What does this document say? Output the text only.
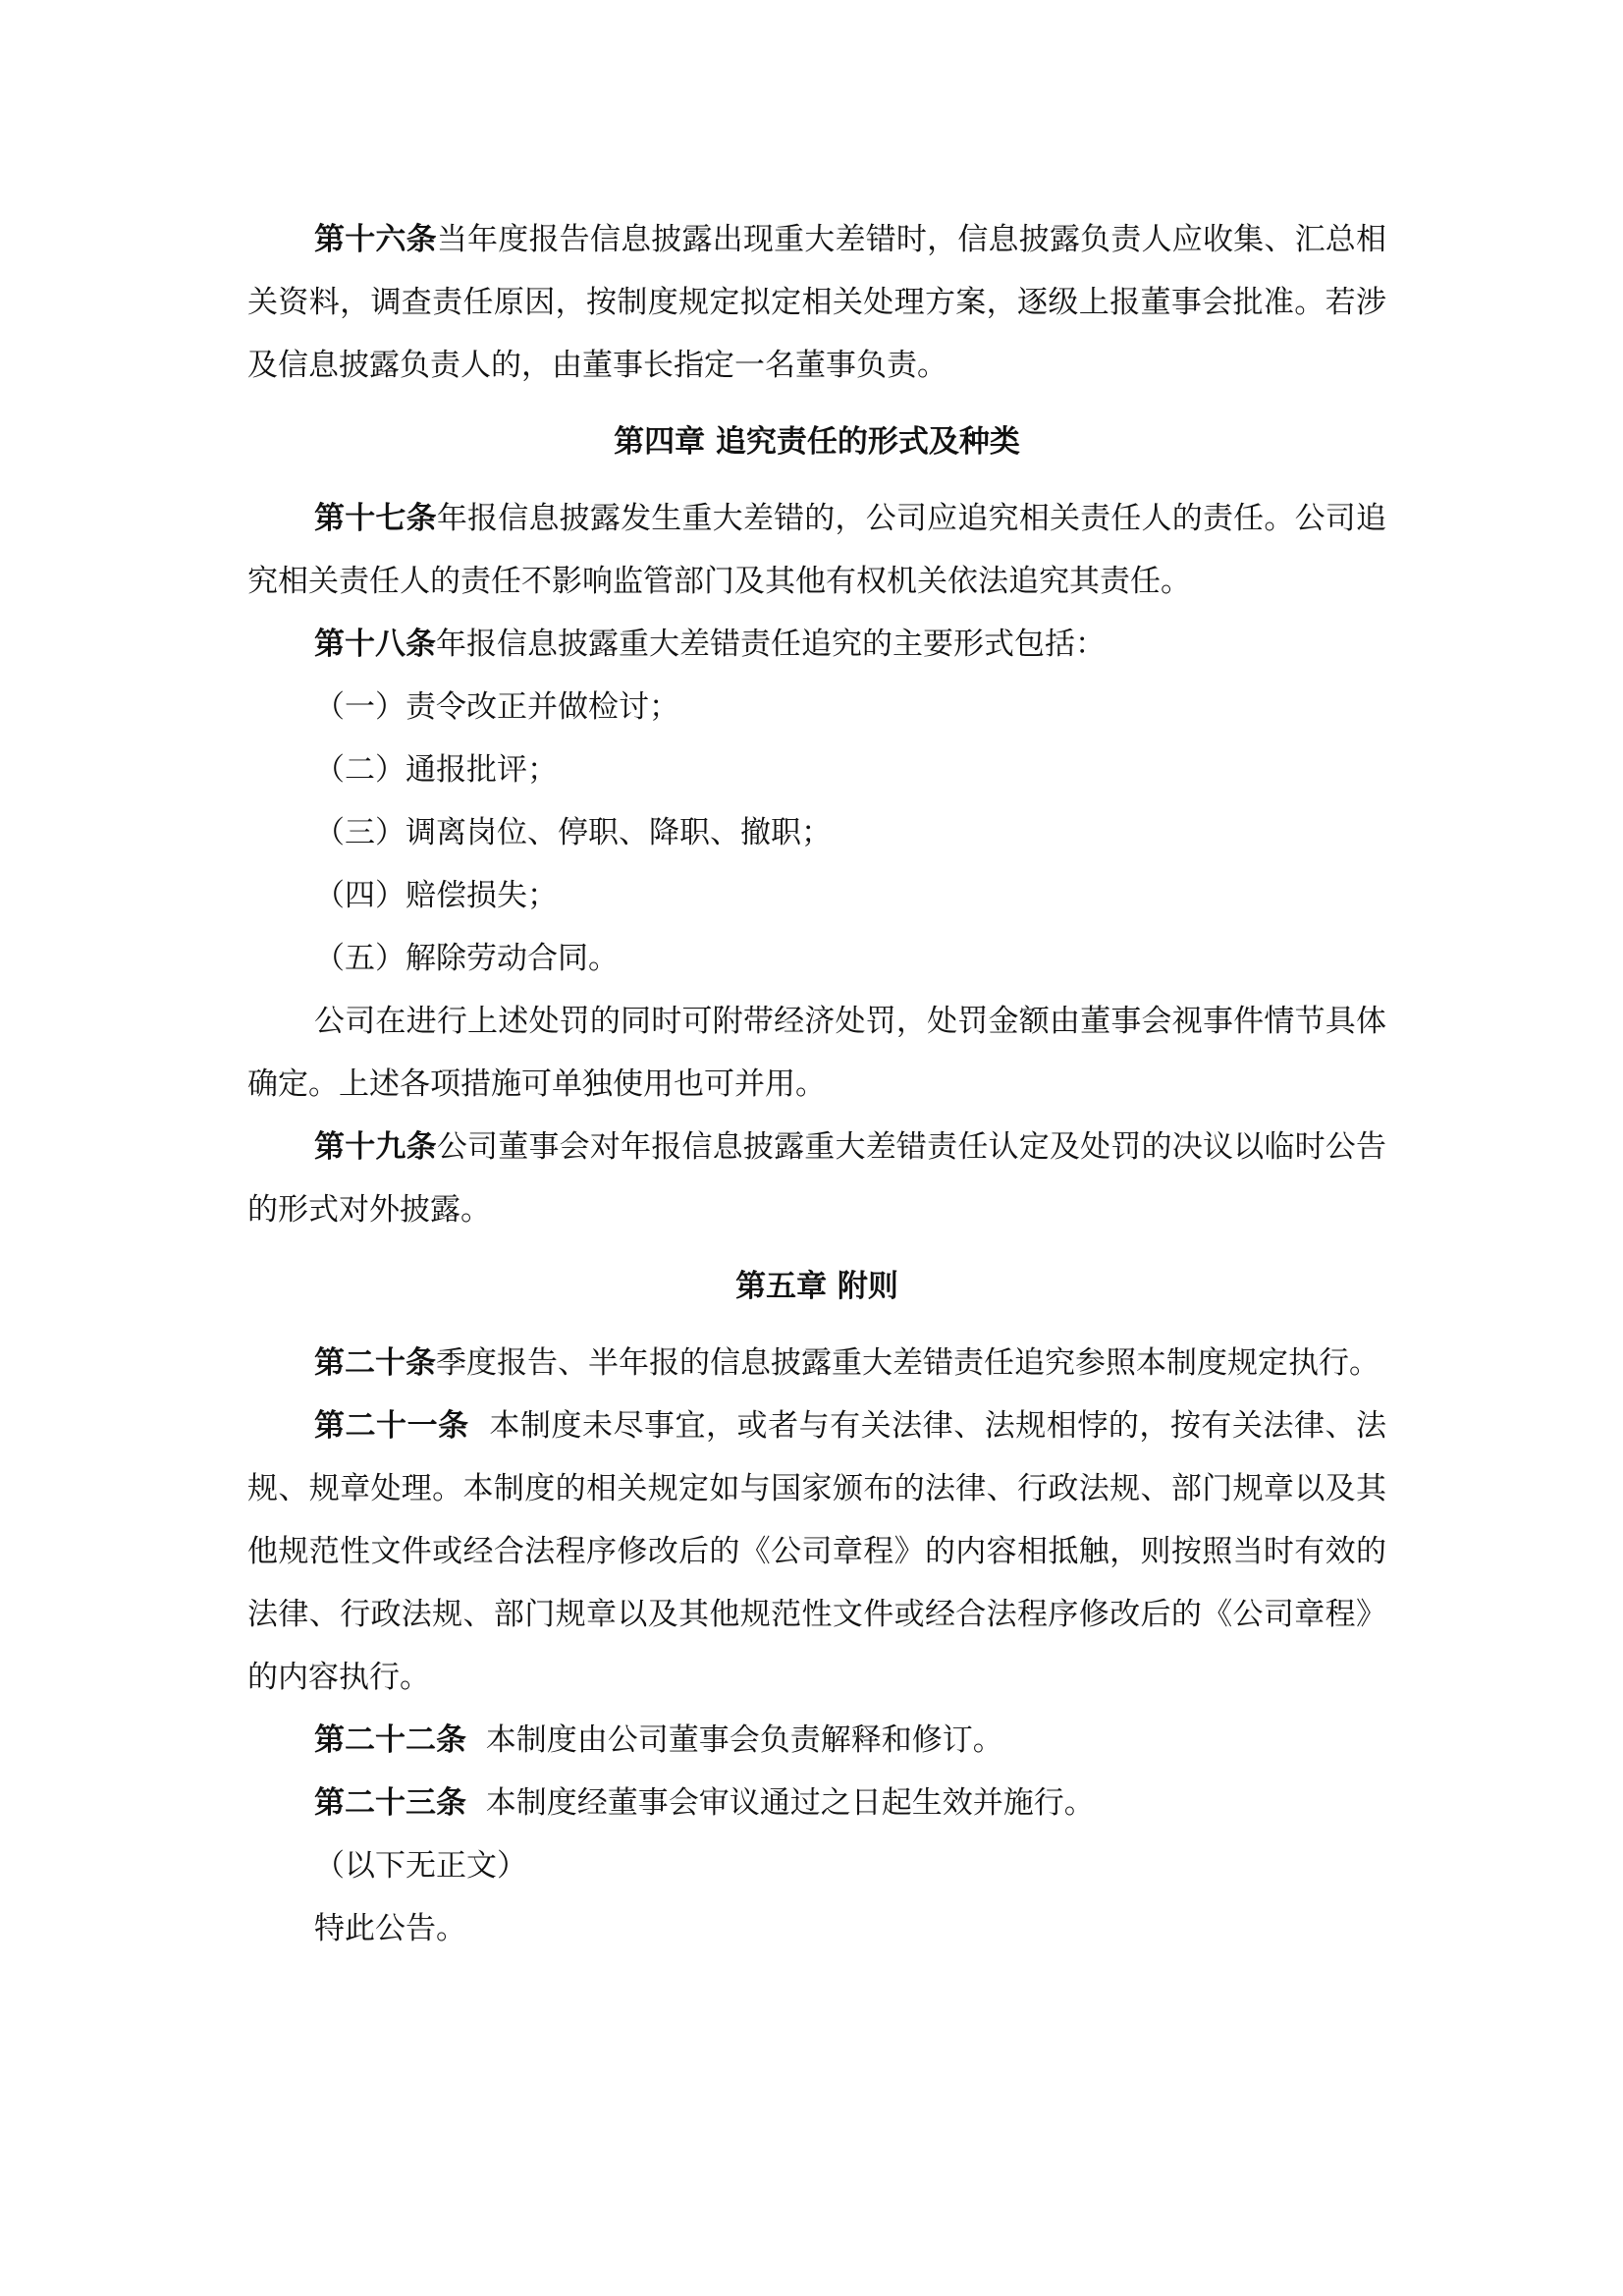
第十六条当年度报告信息披露出现重大差错时，信息披露负责人应收集、汇总相关资料，调查责任原因，按制度规定拟定相关处理方案，逐级上报董事会批准。若涉及信息披露负责人的，由董事长指定一名董事负责。

第四章 追究责任的形式及种类

第十七条年报信息披露发生重大差错的，公司应追究相关责任人的责任。公司追究相关责任人的责任不影响监管部门及其他有权机关依法追究其责任。

第十八条年报信息披露重大差错责任追究的主要形式包括：

（一）责令改正并做检讨；

（二）通报批评；

（三）调离岗位、停职、降职、撤职；

（四）赔偿损失；

（五）解除劳动合同。

公司在进行上述处罚的同时可附带经济处罚，处罚金额由董事会视事件情节具体确定。上述各项措施可单独使用也可并用。

第十九条公司董事会对年报信息披露重大差错责任认定及处罚的决议以临时公告的形式对外披露。

第五章 附则

第二十条季度报告、半年报的信息披露重大差错责任追究参照本制度规定执行。

第二十一条  本制度未尽事宜，或者与有关法律、法规相悖的，按有关法律、法规、规章处理。本制度的相关规定如与国家颁布的法律、行政法规、部门规章以及其他规范性文件或经合法程序修改后的《公司章程》的内容相抵触，则按照当时有效的法律、行政法规、部门规章以及其他规范性文件或经合法程序修改后的《公司章程》的内容执行。

第二十二条  本制度由公司董事会负责解释和修订。

第二十三条  本制度经董事会审议通过之日起生效并施行。

（以下无正文）

特此公告。
